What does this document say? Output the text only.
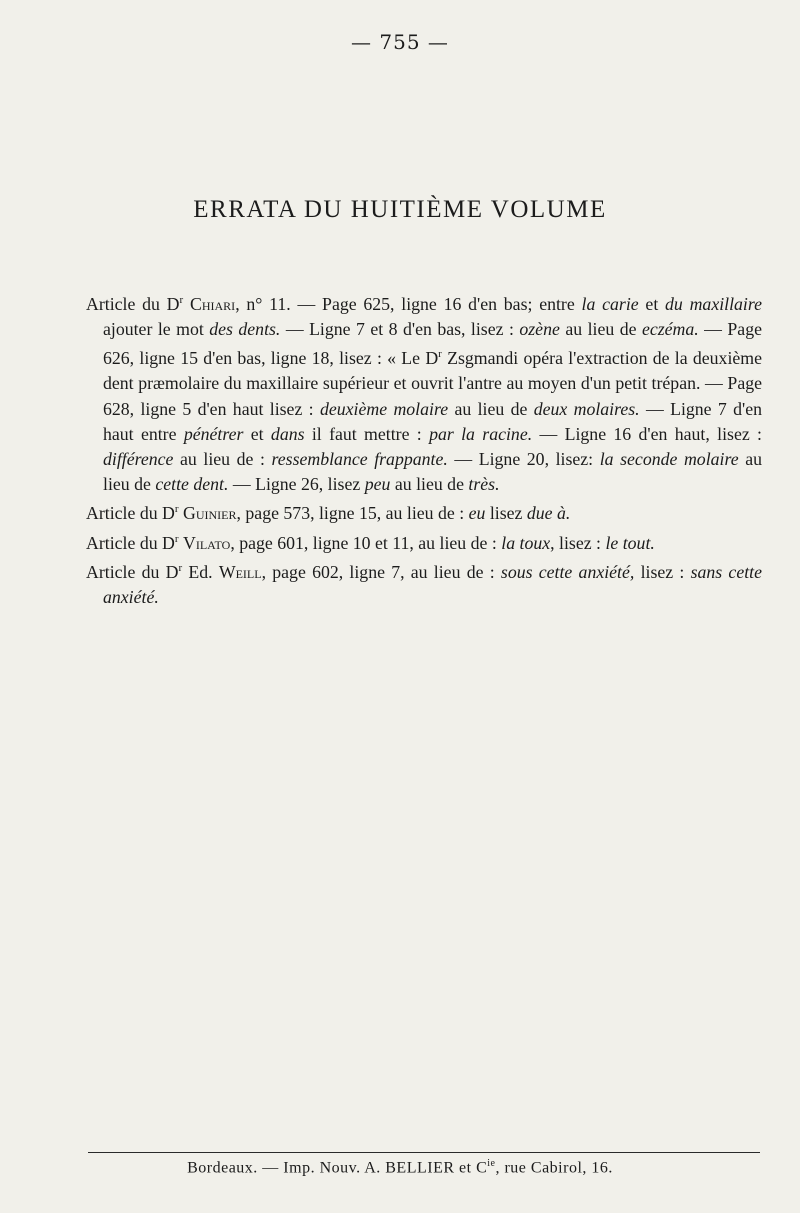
— 755 —
ERRATA DU HUITIÈME VOLUME

Article du $D^r$ Chiari, n° 11. — Page 625, ligne 16 d'en bas; entre la carie et du maxillaire ajouter le mot des dents. — Ligne 7 et 8 d'en bas, lisez : ozène au lieu de eczéma. — Page 626, ligne 15 d'en bas, ligne 18, lisez : « Le $D^r$ Zsgmandi opéra l'extraction de la deuxième dent præmolaire du maxillaire supérieur et ouvrit l'antre au moyen d'un petit trépan. — Page 628, ligne 5 d'en haut lisez : deuxième molaire au lieu de deux molaires. — Ligne 7 d'en haut entre pénétrer et dans il faut mettre : par la racine. — Ligne 16 d'en haut, lisez : différence au lieu de : ressemblance frappante. — Ligne 20, lisez: la seconde molaire au lieu de cette dent. — Ligne 26, lisez peu au lieu de très.

Article du $D^r$ Guinier, page 573, ligne 15, au lieu de : eu lisez due à.

Article du $D^r$ Vilato, page 601, ligne 10 et 11, au lieu de : la toux, lisez : le tout.

Article du $D^r$ Ed. Weill, page 602, ligne 7, au lieu de : sous cette anxiété, lisez : sans cette anxiété.

Bordeaux. — Imp. Nouv. A. BELLIER et $C^{ie}$, rue Cabirol, 16.
